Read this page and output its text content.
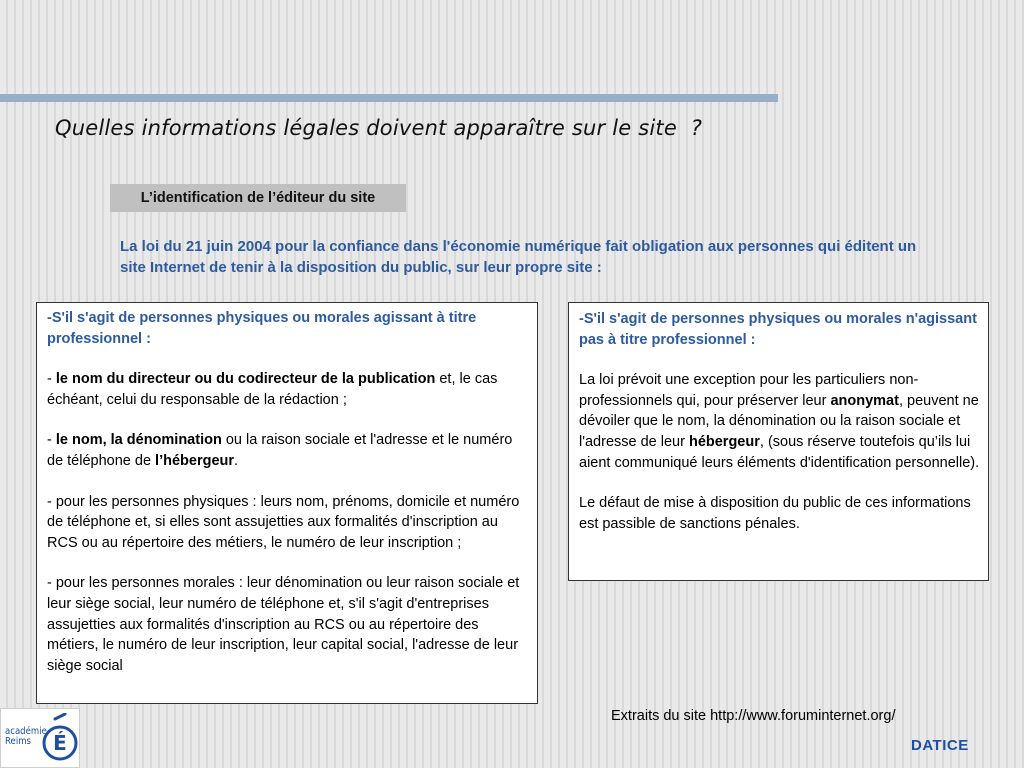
Quelles informations légales doivent apparaître sur le site  ?
L’identification de l’éditeur du site

La loi du 21 juin 2004 pour la confiance dans l'économie numérique fait obligation aux personnes qui éditent un site Internet de tenir à la disposition du public, sur leur propre site :

-S'il s'agit de personnes physiques ou morales agissant à titre professionnel :

- le nom du directeur ou du codirecteur de la publication et, le cas échéant, celui du responsable de la rédaction ;

- le nom, la dénomination ou la raison sociale et l'adresse et le numéro de téléphone de l’hébergeur.

- pour les personnes physiques : leurs nom, prénoms, domicile et numéro de téléphone et, si elles sont assujetties aux formalités d'inscription au RCS ou au répertoire des métiers, le numéro de leur inscription ;

- pour les personnes morales : leur dénomination ou leur raison sociale et leur siège social, leur numéro de téléphone et, s'il s'agit d'entreprises assujetties aux formalités d'inscription au RCS ou au répertoire des métiers, le numéro de leur inscription, leur capital social, l'adresse de leur siège social

-S'il s'agit de personnes physiques ou morales n'agissant pas à titre professionnel :

La loi prévoit une exception pour les particuliers non-professionnels qui, pour préserver leur anonymat, peuvent ne dévoiler que le nom, la dénomination ou la raison sociale et l'adresse de leur hébergeur, (sous réserve toutefois qu’ils lui aient communiqué leurs éléments d'identification personnelle).

Le défaut de mise à disposition du public de ces informations est passible de sanctions pénales.

Extraits du site http://www.foruminternet.org/

académie
Reims	É	DATICE
